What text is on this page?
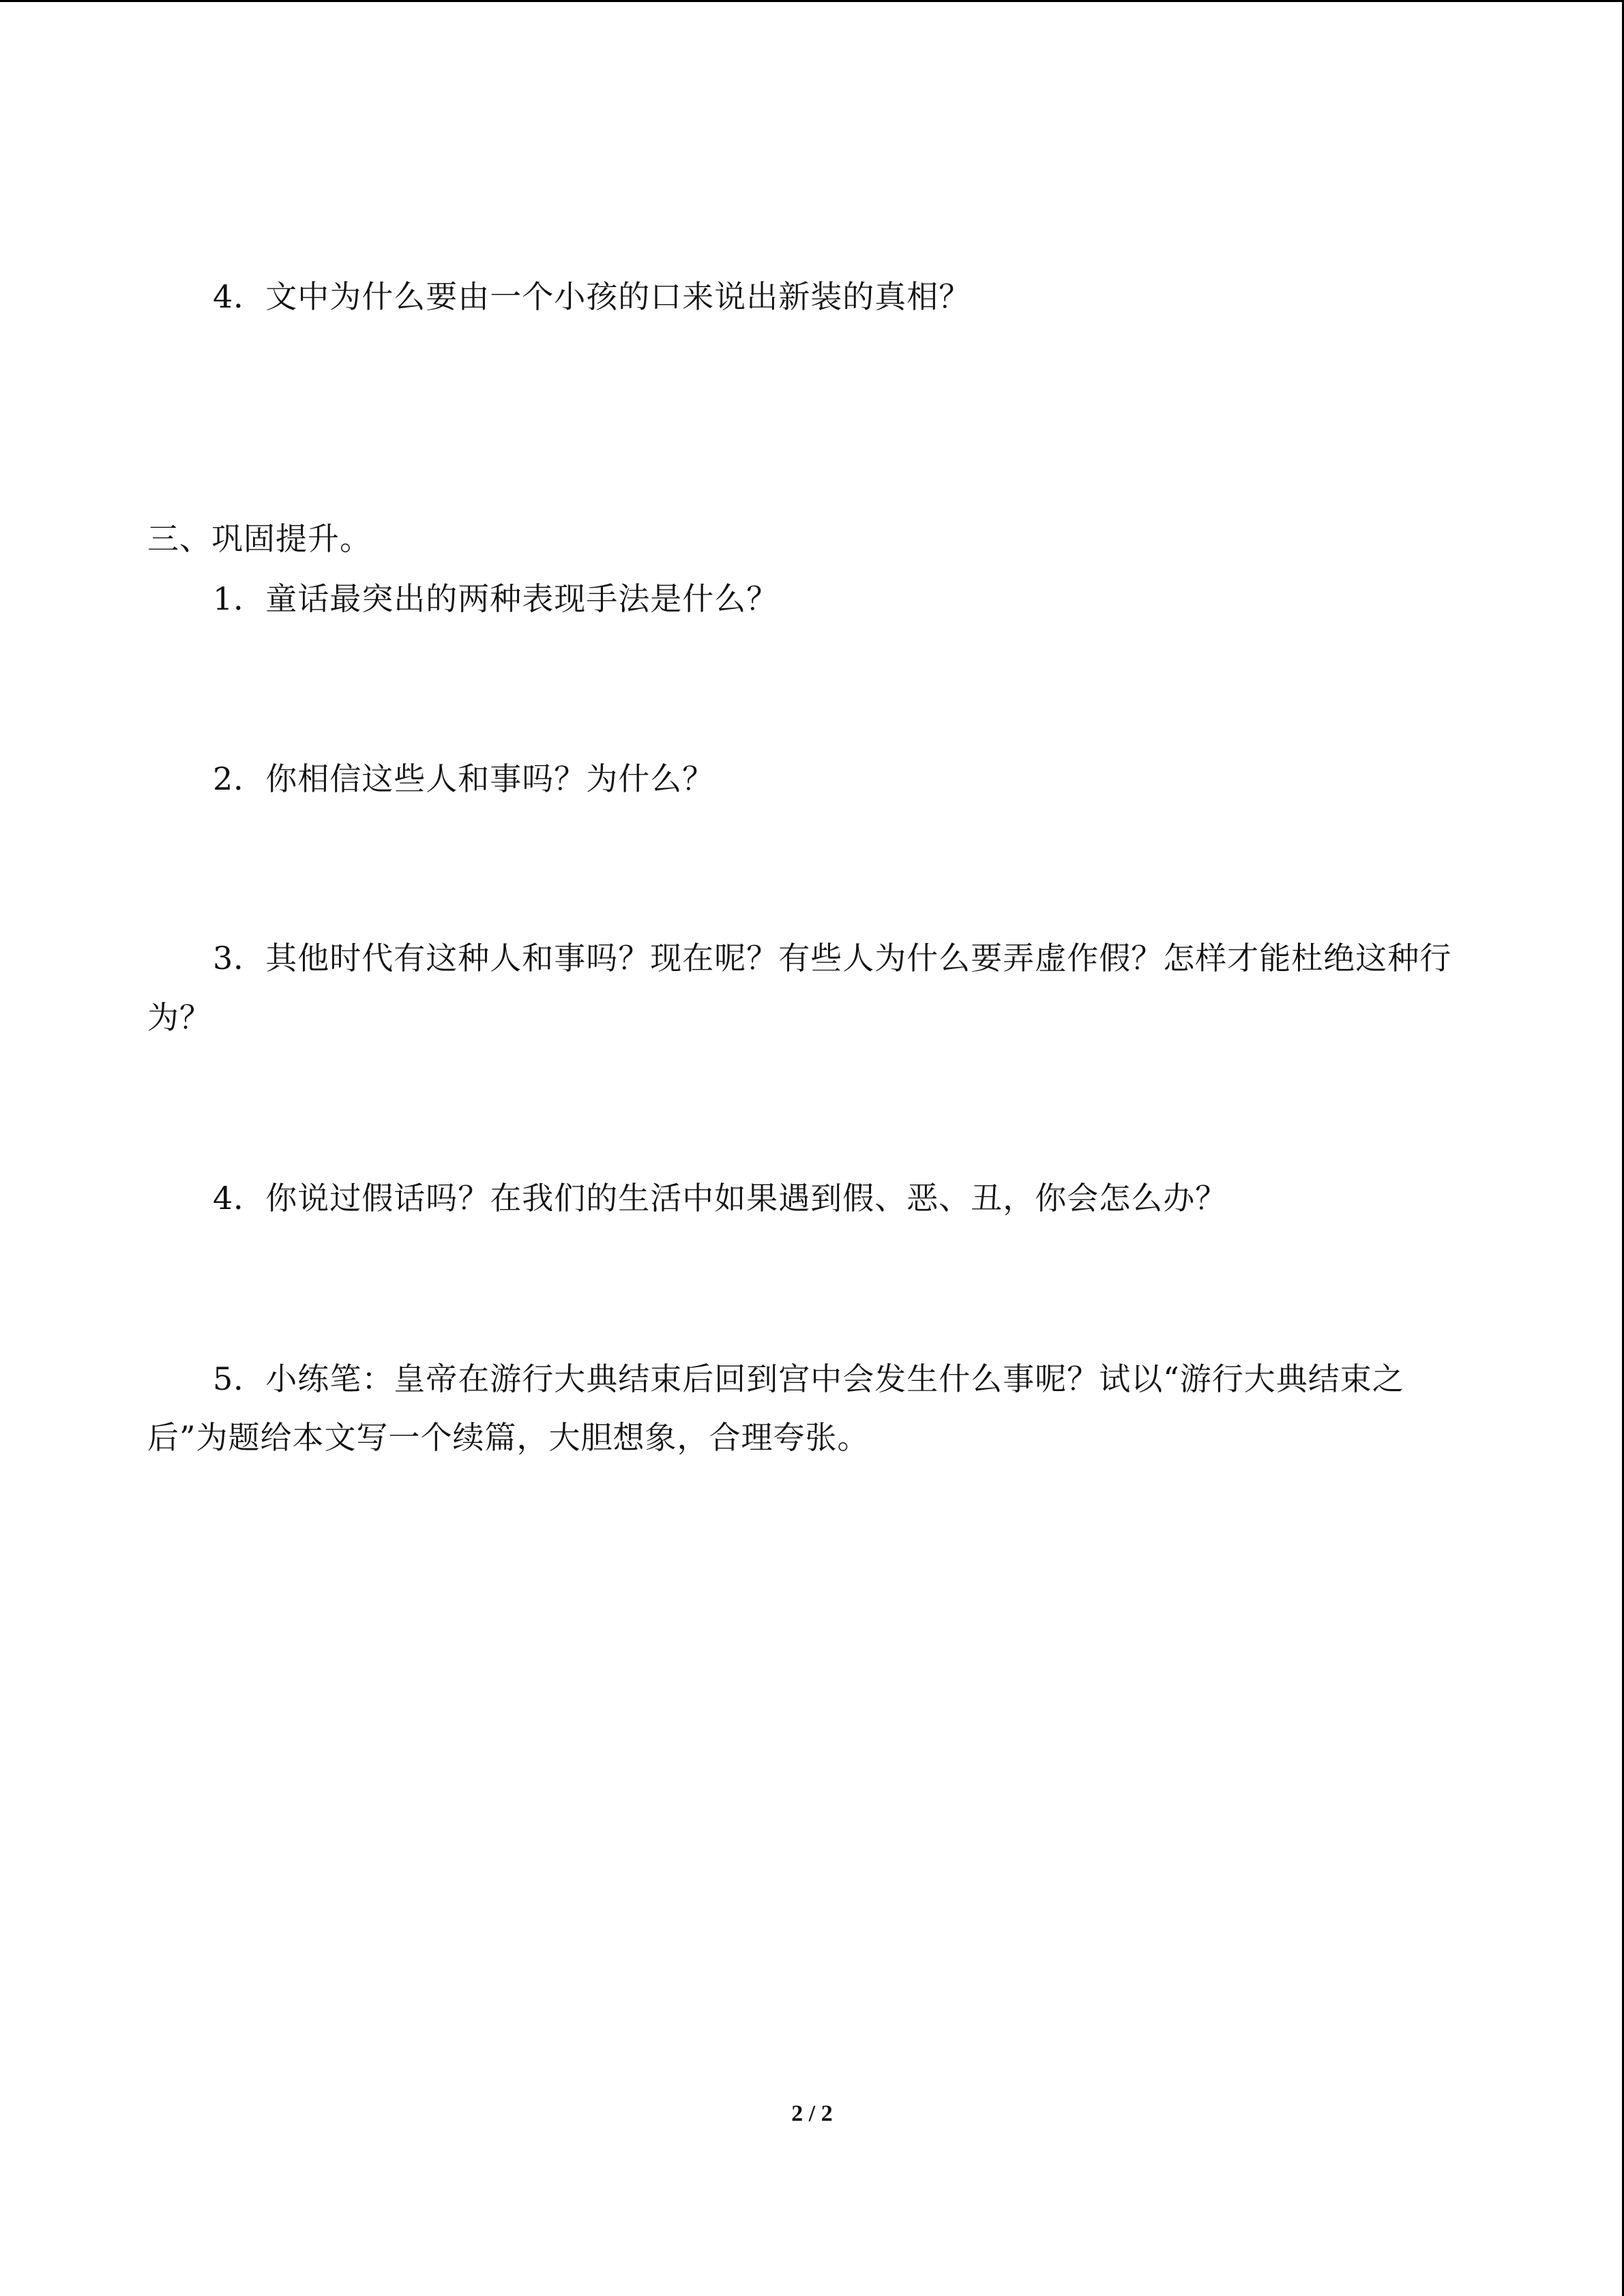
4．文中为什么要由一个小孩的口来说出新装的真相？
三、巩固提升。
1．童话最突出的两种表现手法是什么？
2．你相信这些人和事吗？为什么？
3．其他时代有这种人和事吗？现在呢？有些人为什么要弄虚作假？怎样才能杜绝这种行
为？
4．你说过假话吗？在我们的生活中如果遇到假、恶、丑，你会怎么办？
5．小练笔：皇帝在游行大典结束后回到宫中会发生什么事呢？试以“游行大典结束之
后”为题给本文写一个续篇，大胆想象，合理夸张。
2 / 2
